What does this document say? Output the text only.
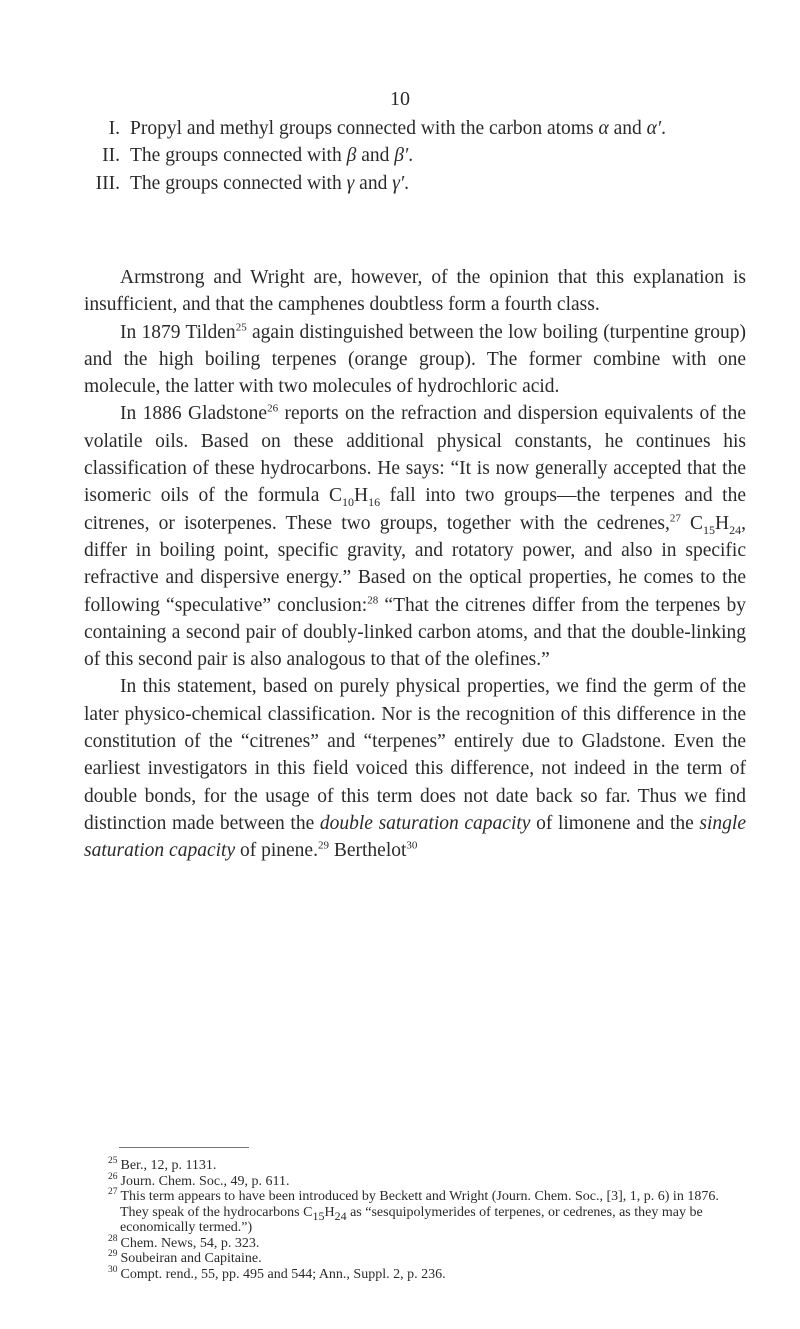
10
I. Propyl and methyl groups connected with the carbon atoms α and α′.
II. The groups connected with β and β′.
III. The groups connected with γ and γ′.

Armstrong and Wright are, however, of the opinion that this explanation is insufficient, and that the camphenes doubtless form a fourth class.

In 1879 Tilden$^{25}$ again distinguished between the low boiling (turpentine group) and the high boiling terpenes (orange group). The former combine with one molecule, the latter with two molecules of hydrochloric acid.

In 1886 Gladstone$^{26}$ reports on the refraction and dispersion equivalents of the volatile oils. Based on these additional physical constants, he continues his classification of these hydrocarbons. He says: “It is now generally accepted that the isomeric oils of the formula $C_{10}H_{16}$ fall into two groups—the terpenes and the citrenes, or isoterpenes. These two groups, together with the cedrenes,$^{27}$ $C_{15}H_{24}$, differ in boiling point, specific gravity, and rotatory power, and also in specific refractive and dispersive energy.” Based on the optical properties, he comes to the following “speculative” conclusion:$^{28}$ “That the citrenes differ from the terpenes by containing a second pair of doubly-linked carbon atoms, and that the double-linking of this second pair is also analogous to that of the olefines.”

In this statement, based on purely physical properties, we find the germ of the later physico-chemical classification. Nor is the recognition of this difference in the constitution of the “citrenes” and “terpenes” entirely due to Gladstone. Even the earliest investigators in this field voiced this difference, not indeed in the term of double bonds, for the usage of this term does not date back so far. Thus we find distinction made between the double saturation capacity of limonene and the single saturation capacity of pinene.$^{29}$ Berthelot$^{30}$

$^{25}$ Ber., 12, p. 1131.

$^{26}$ Journ. Chem. Soc., 49, p. 611.

$^{27}$ This term appears to have been introduced by Beckett and Wright (Journ. Chem. Soc., [3], 1, p. 6) in 1876. They speak of the hydrocarbons $C_{15}H_{24}$ as “sesquipolymerides of terpenes, or cedrenes, as they may be economically termed.”)

$^{28}$ Chem. News, 54, p. 323.

$^{29}$ Soubeiran and Capitaine.

$^{30}$ Compt. rend., 55, pp. 495 and 544; Ann., Suppl. 2, p. 236.
